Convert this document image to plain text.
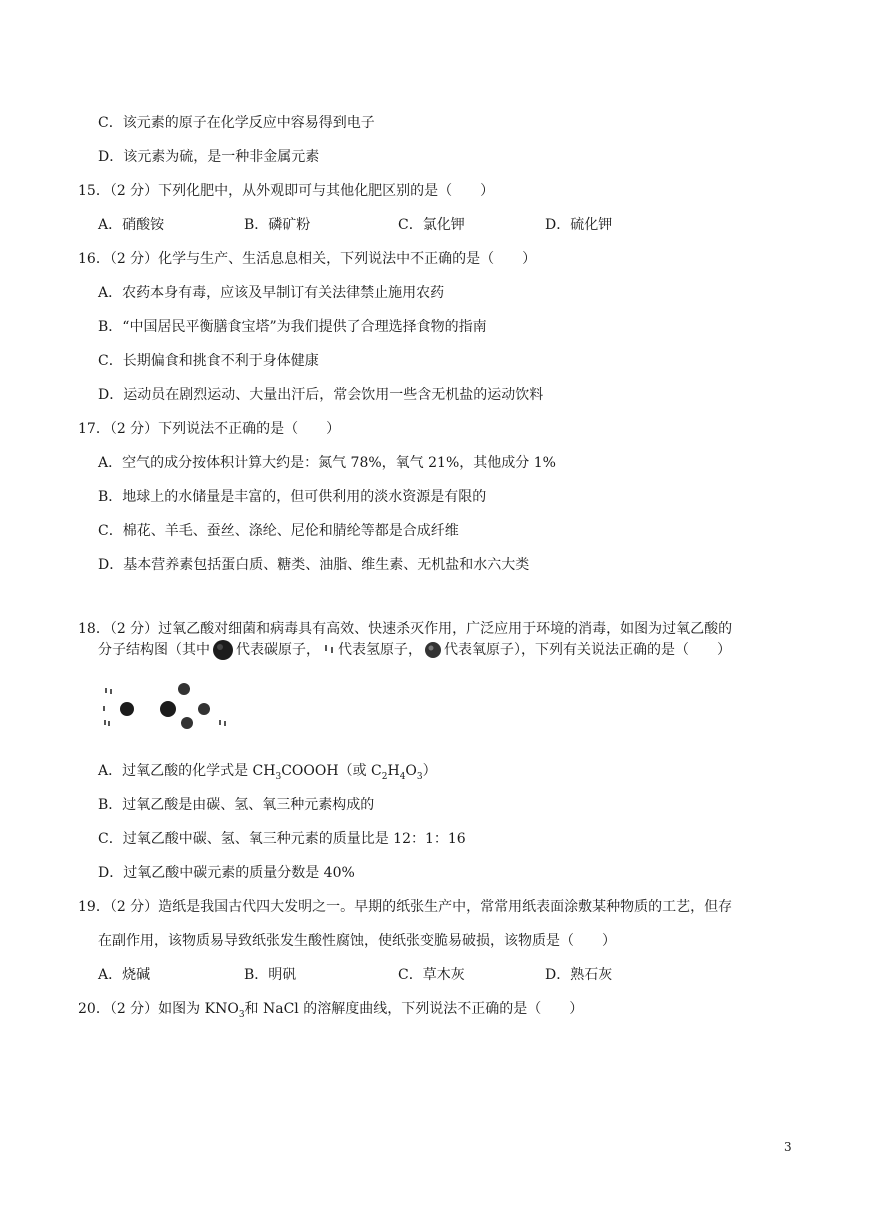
C．该元素的原子在化学反应中容易得到电子
D．该元素为硫，是一种非金属元素
15．（2 分）下列化肥中，从外观即可与其他化肥区别的是（　　）
A．硝酸铵	B．磷矿粉	C．氯化钾	D．硫化钾
16．（2 分）化学与生产、生活息息相关，下列说法中不正确的是（　　）
A．农药本身有毒，应该及早制订有关法律禁止施用农药
B．“中国居民平衡膳食宝塔”为我们提供了合理选择食物的指南
C．长期偏食和挑食不利于身体健康
D．运动员在剧烈运动、大量出汗后，常会饮用一些含无机盐的运动饮料
17．（2 分）下列说法不正确的是（　　）
A．空气的成分按体积计算大约是：氮气 78%，氧气 21%，其他成分 1%
B．地球上的水储量是丰富的，但可供利用的淡水资源是有限的
C．棉花、羊毛、蚕丝、涤纶、尼伦和腈纶等都是合成纤维
D．基本营养素包括蛋白质、糖类、油脂、维生素、无机盐和水六大类
18．（2 分）过氧乙酸对细菌和病毒具有高效、快速杀灭作用，广泛应用于环境的消毒，如图为过氧乙酸的
分子结构图（其中 代表碳原子， 代表氢原子， 代表氧原子），下列有关说法正确的是（　　）
A．过氧乙酸的化学式是 $CH_3COOOH$（或 $C_2H_4O_3$）
B．过氧乙酸是由碳、氢、氧三种元素构成的
C．过氧乙酸中碳、氢、氧三种元素的质量比是 12：1：16
D．过氧乙酸中碳元素的质量分数是 40%
19．（2 分）造纸是我国古代四大发明之一。早期的纸张生产中，常常用纸表面涂敷某种物质的工艺，但存
在副作用，该物质易导致纸张发生酸性腐蚀，使纸张变脆易破损，该物质是（　　）
A．烧碱	B．明矾	C．草木灰	D．熟石灰
20．（2 分）如图为 $KNO_3$和 NaCl 的溶解度曲线，下列说法不正确的是（　　）
3
